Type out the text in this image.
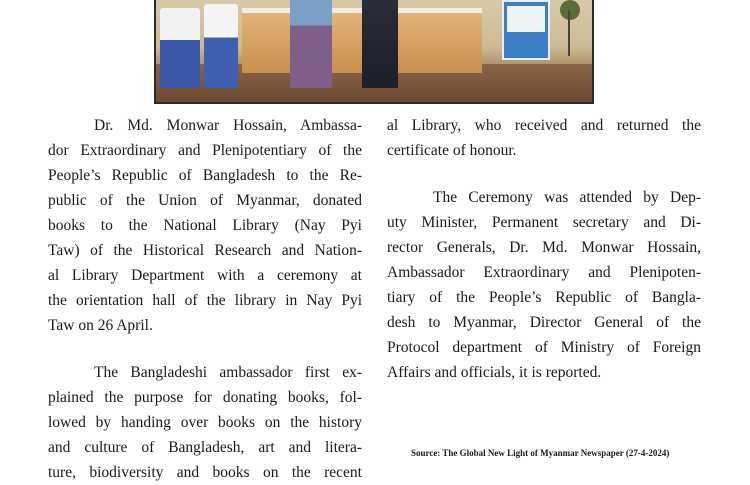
Dr. Md. Monwar Hossain, Ambassa-
dor Extraordinary and Plenipotentiary of the
People’s Republic of Bangladesh to the Re-
public of the Union of Myanmar, donated
books to the National Library (Nay Pyi
Taw) of the Historical Research and Nation-
al Library Department with a ceremony at
the orientation hall of the library in Nay Pyi
Taw on 26 April.
The Bangladeshi ambassador first ex-
plained the purpose for donating books, fol-
lowed by handing over books on the history
and culture of Bangladesh, art and litera-
ture, biodiversity and books on the recent
al Library, who received and returned the
certificate of honour.
The Ceremony was attended by Dep-
uty Minister, Permanent secretary and Di-
rector Generals, Dr. Md. Monwar Hossain,
Ambassador Extraordinary and Plenipoten-
tiary of the People’s Republic of Bangla-
desh to Myanmar, Director General of the
Protocol department of Ministry of Foreign
Affairs and officials, it is reported.
Source: The Global New Light of Myanmar Newspaper (27-4-2024)
